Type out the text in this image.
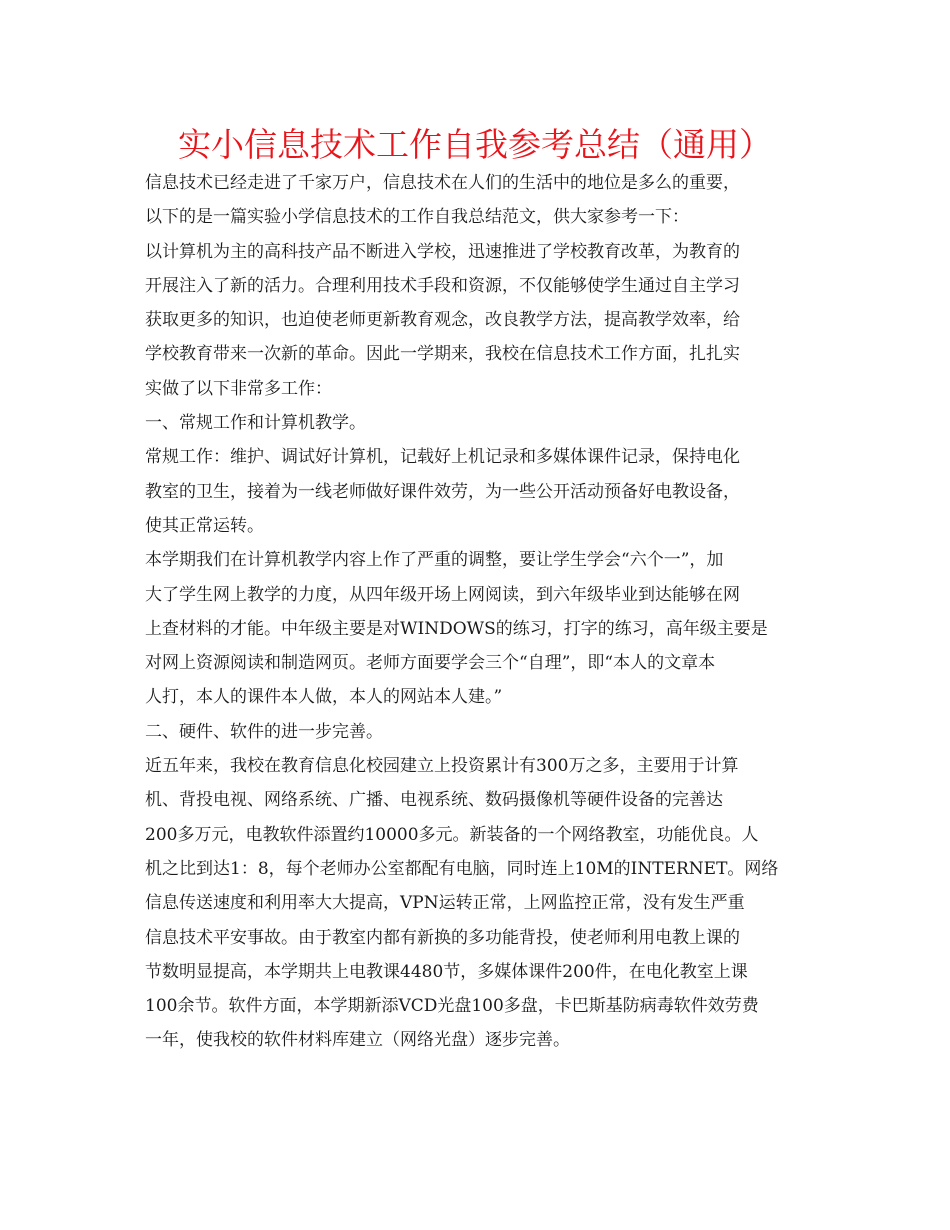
实小信息技术工作自我参考总结（通用）
信息技术已经走进了千家万户，信息技术在人们的生活中的地位是多么的重要，
以下的是一篇实验小学信息技术的工作自我总结范文，供大家参考一下：
以计算机为主的高科技产品不断进入学校，迅速推进了学校教育改革，为教育的
开展注入了新的活力。合理利用技术手段和资源，不仅能够使学生通过自主学习
获取更多的知识，也迫使老师更新教育观念，改良教学方法，提高教学效率，给
学校教育带来一次新的革命。因此一学期来，我校在信息技术工作方面，扎扎实
实做了以下非常多工作：
一、常规工作和计算机教学。
常规工作：维护、调试好计算机，记载好上机记录和多媒体课件记录，保持电化
教室的卫生，接着为一线老师做好课件效劳，为一些公开活动预备好电教设备，
使其正常运转。
本学期我们在计算机教学内容上作了严重的调整，要让学生学会“六个一”，加
大了学生网上教学的力度，从四年级开场上网阅读，到六年级毕业到达能够在网
上查材料的才能。中年级主要是对WINDOWS的练习，打字的练习，高年级主要是
对网上资源阅读和制造网页。老师方面要学会三个“自理”，即“本人的文章本
人打，本人的课件本人做，本人的网站本人建。”
二、硬件、软件的进一步完善。
近五年来，我校在教育信息化校园建立上投资累计有300万之多，主要用于计算
机、背投电视、网络系统、广播、电视系统、数码摄像机等硬件设备的完善达
200多万元，电教软件添置约10000多元。新装备的一个网络教室，功能优良。人
机之比到达1：8，每个老师办公室都配有电脑，同时连上10M的INTERNET。网络
信息传送速度和利用率大大提高，VPN运转正常，上网监控正常，没有发生严重
信息技术平安事故。由于教室内都有新换的多功能背投，使老师利用电教上课的
节数明显提高，本学期共上电教课4480节，多媒体课件200件，在电化教室上课
100余节。软件方面，本学期新添VCD光盘100多盘，卡巴斯基防病毒软件效劳费
一年，使我校的软件材料库建立（网络光盘）逐步完善。
